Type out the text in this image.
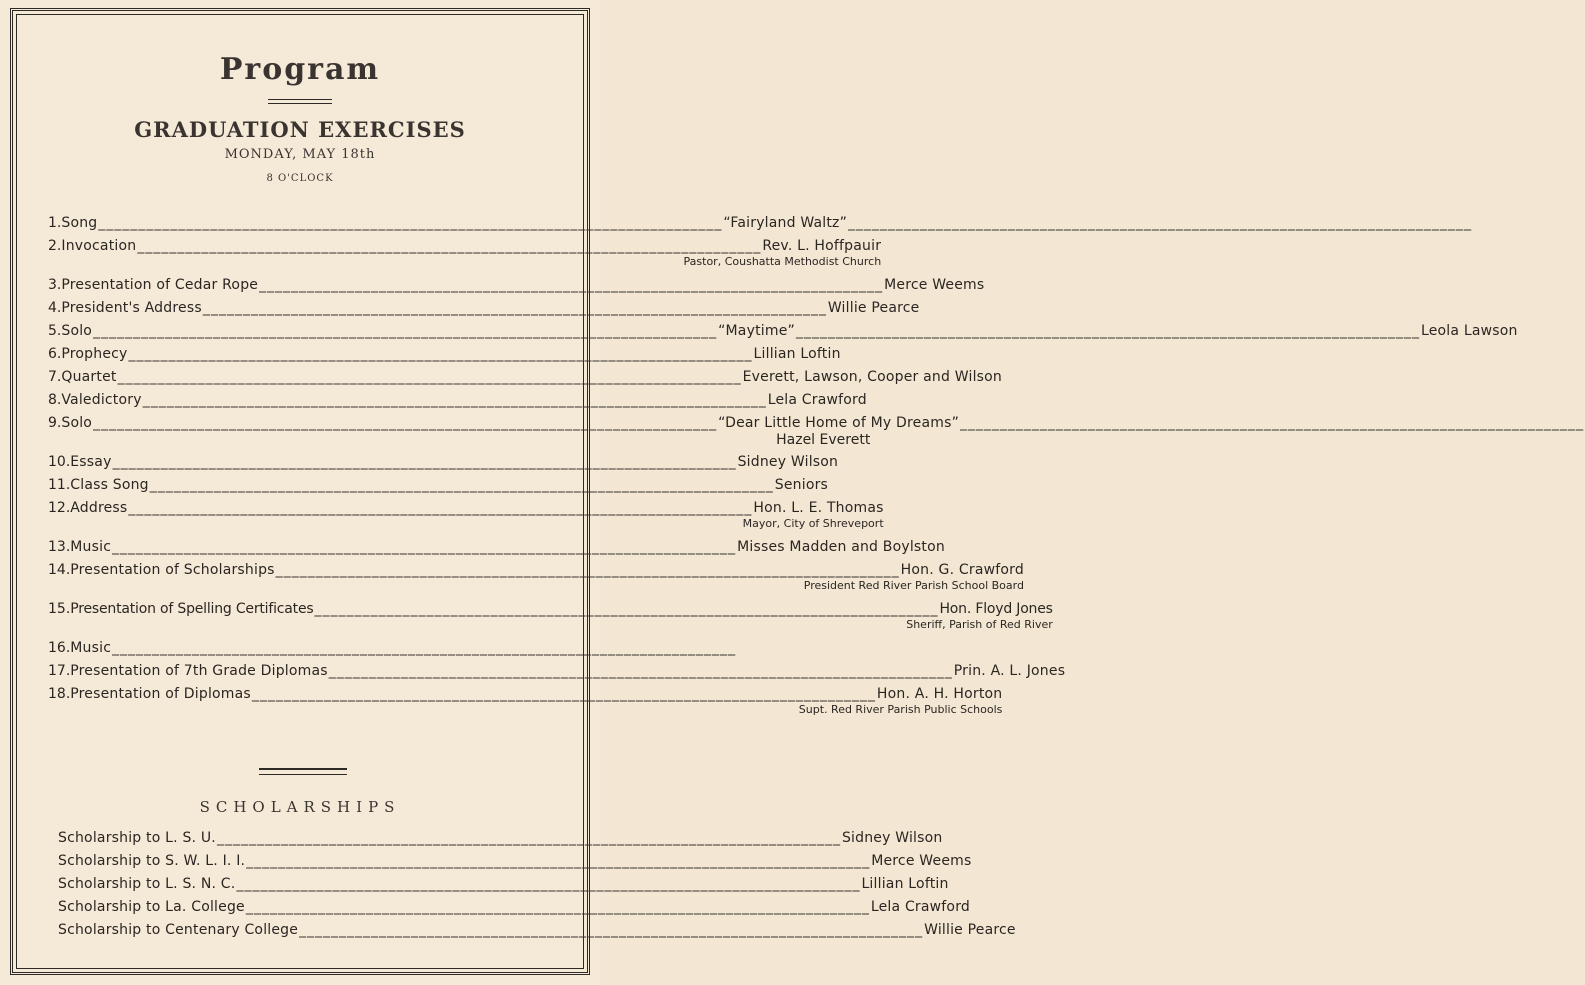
Program
GRADUATION EXERCISES
MONDAY, MAY 18th
8 O'CLOCK
1. Song _____	“Fairyland Waltz”
_____
2. Invocation _____	Rev. L. Hoffpauir
Pastor, Coushatta Methodist Church
3. Presentation of Cedar Rope _____	Merce Weems
4. President's Address _____	Willie Pearce
5. Solo _____	“Maytime” _____	Leola Lawson
6. Prophecy _____	Lillian Loftin
7. Quartet _____	Everett, Lawson, Cooper and Wilson
8. Valedictory _____	Lela Crawford
9. Solo _____	“Dear Little Home of My Dreams”
_____
Hazel Everett
10. Essay _____	Sidney Wilson
11. Class Song _____	Seniors
12. Address _____	Hon. L. E. Thomas
Mayor, City of Shreveport
13. Music _____	Misses Madden and Boylston
14. Presentation of Scholarships _____	Hon. G. Crawford
President Red River Parish School Board
15. Presentation of Spelling Certificates _____	Hon. Floyd Jones
Sheriff, Parish of Red River
16. Music
_____
17. Presentation of 7th Grade Diplomas _____	Prin. A. L. Jones
18. Presentation of Diplomas _____	Hon. A. H. Horton
Supt. Red River Parish Public Schools
SCHOLARSHIPS
Scholarship to L. S. U. _____	Sidney Wilson
Scholarship to S. W. L. I. I. _____	Merce Weems
Scholarship to L. S. N. C. _____	Lillian Loftin
Scholarship to La. College _____	Lela Crawford
Scholarship to Centenary College _____	Willie Pearce
